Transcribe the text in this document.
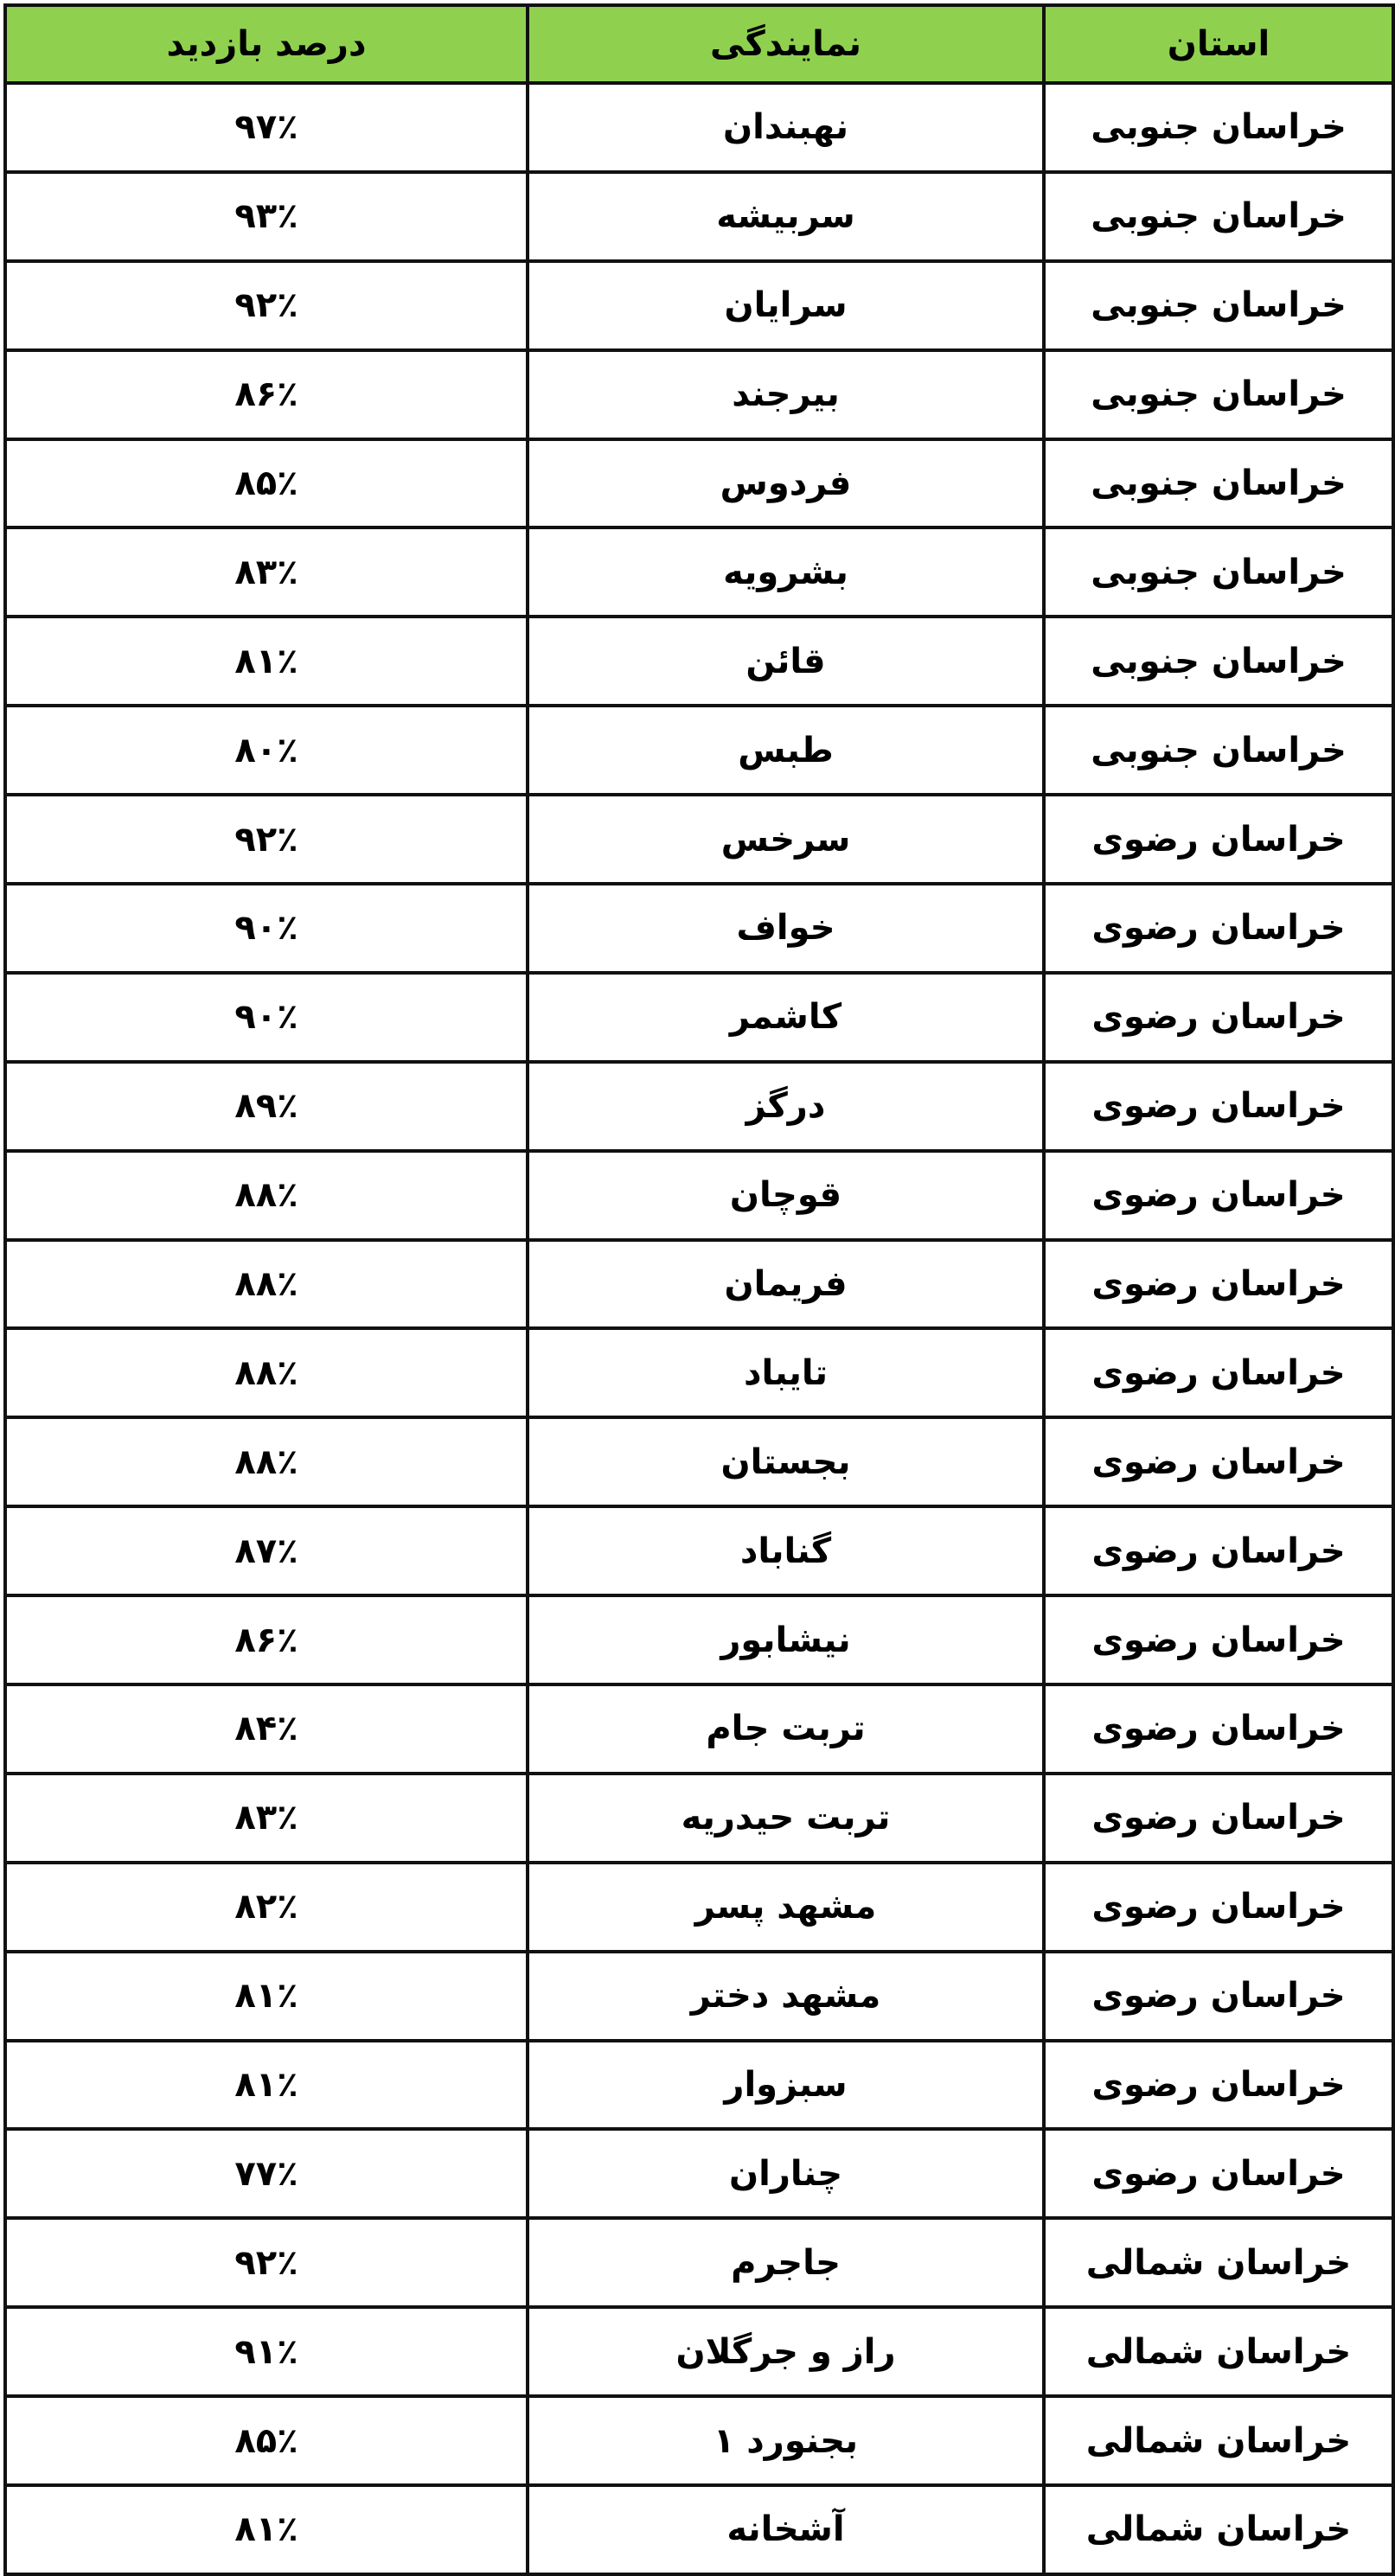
استان	نمایندگی	درصد بازدید
خراسان جنوبی	نهبندان	۹۷٪
خراسان جنوبی	سربیشه	۹۳٪
خراسان جنوبی	سرایان	۹۲٪
خراسان جنوبی	بیرجند	۸۶٪
خراسان جنوبی	فردوس	۸۵٪
خراسان جنوبی	بشرویه	۸۳٪
خراسان جنوبی	قائن	۸۱٪
خراسان جنوبی	طبس	۸۰٪
خراسان رضوی	سرخس	۹۲٪
خراسان رضوی	خواف	۹۰٪
خراسان رضوی	کاشمر	۹۰٪
خراسان رضوی	درگز	۸۹٪
خراسان رضوی	قوچان	۸۸٪
خراسان رضوی	فریمان	۸۸٪
خراسان رضوی	تایباد	۸۸٪
خراسان رضوی	بجستان	۸۸٪
خراسان رضوی	گناباد	۸۷٪
خراسان رضوی	نیشابور	۸۶٪
خراسان رضوی	تربت جام	۸۴٪
خراسان رضوی	تربت حیدریه	۸۳٪
خراسان رضوی	مشهد پسر	۸۲٪
خراسان رضوی	مشهد دختر	۸۱٪
خراسان رضوی	سبزوار	۸۱٪
خراسان رضوی	چناران	۷۷٪
خراسان شمالی	جاجرم	۹۲٪
خراسان شمالی	راز و جرگلان	۹۱٪
خراسان شمالی	بجنورد ۱	۸۵٪
خراسان شمالی	آشخانه	۸۱٪
